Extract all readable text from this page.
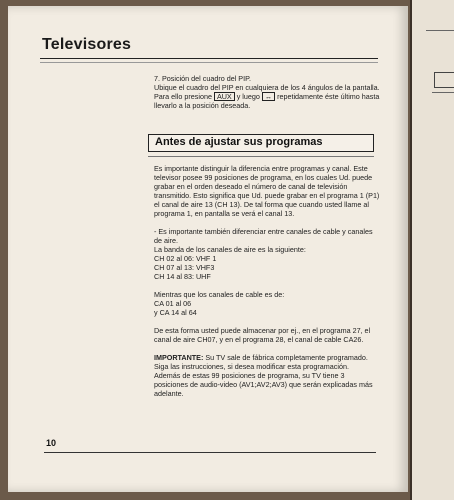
Televisores

7. Posición del cuadro del PIP.

Ubique el cuadro del PIP en cualquiera de los 4 ángulos de la pantalla. Para ello presione AUX y luego ↔ repetidamente éste último hasta llevarlo a la posición deseada.

Antes de ajustar sus programas

Es importante distinguir la diferencia entre programas y canal. Este televisor posee 99 posiciones de programa, en los cuales Ud. puede grabar en el orden deseado el número de canal de televisión transmitido. Esto significa que Ud. puede grabar en el programa 1 (P1) el canal de aire 13 (CH 13). De tal forma que cuando usted llame al programa 1, en pantalla se verá el canal 13.

- Es importante también diferenciar entre canales de cable y canales de aire.

La banda de los canales de aire es la siguiente:

CH 02 al 06: VHF 1

CH 07 al 13: VHF3

CH 14 al 83: UHF

Mientras que los canales de cable es de:

CA 01 al 06

y CA 14 al 64

De esta forma usted puede almacenar por ej., en el programa 27, el canal de aire CH07, y en el programa 28, el canal de cable CA26.

IMPORTANTE: Su TV sale de fábrica completamente programado. Siga las instrucciones, si desea modificar esta programación.

Además de estas 99 posiciones de programa, su TV tiene 3 posiciones de audio-video (AV1;AV2;AV3) que serán explicadas más adelante.

10
